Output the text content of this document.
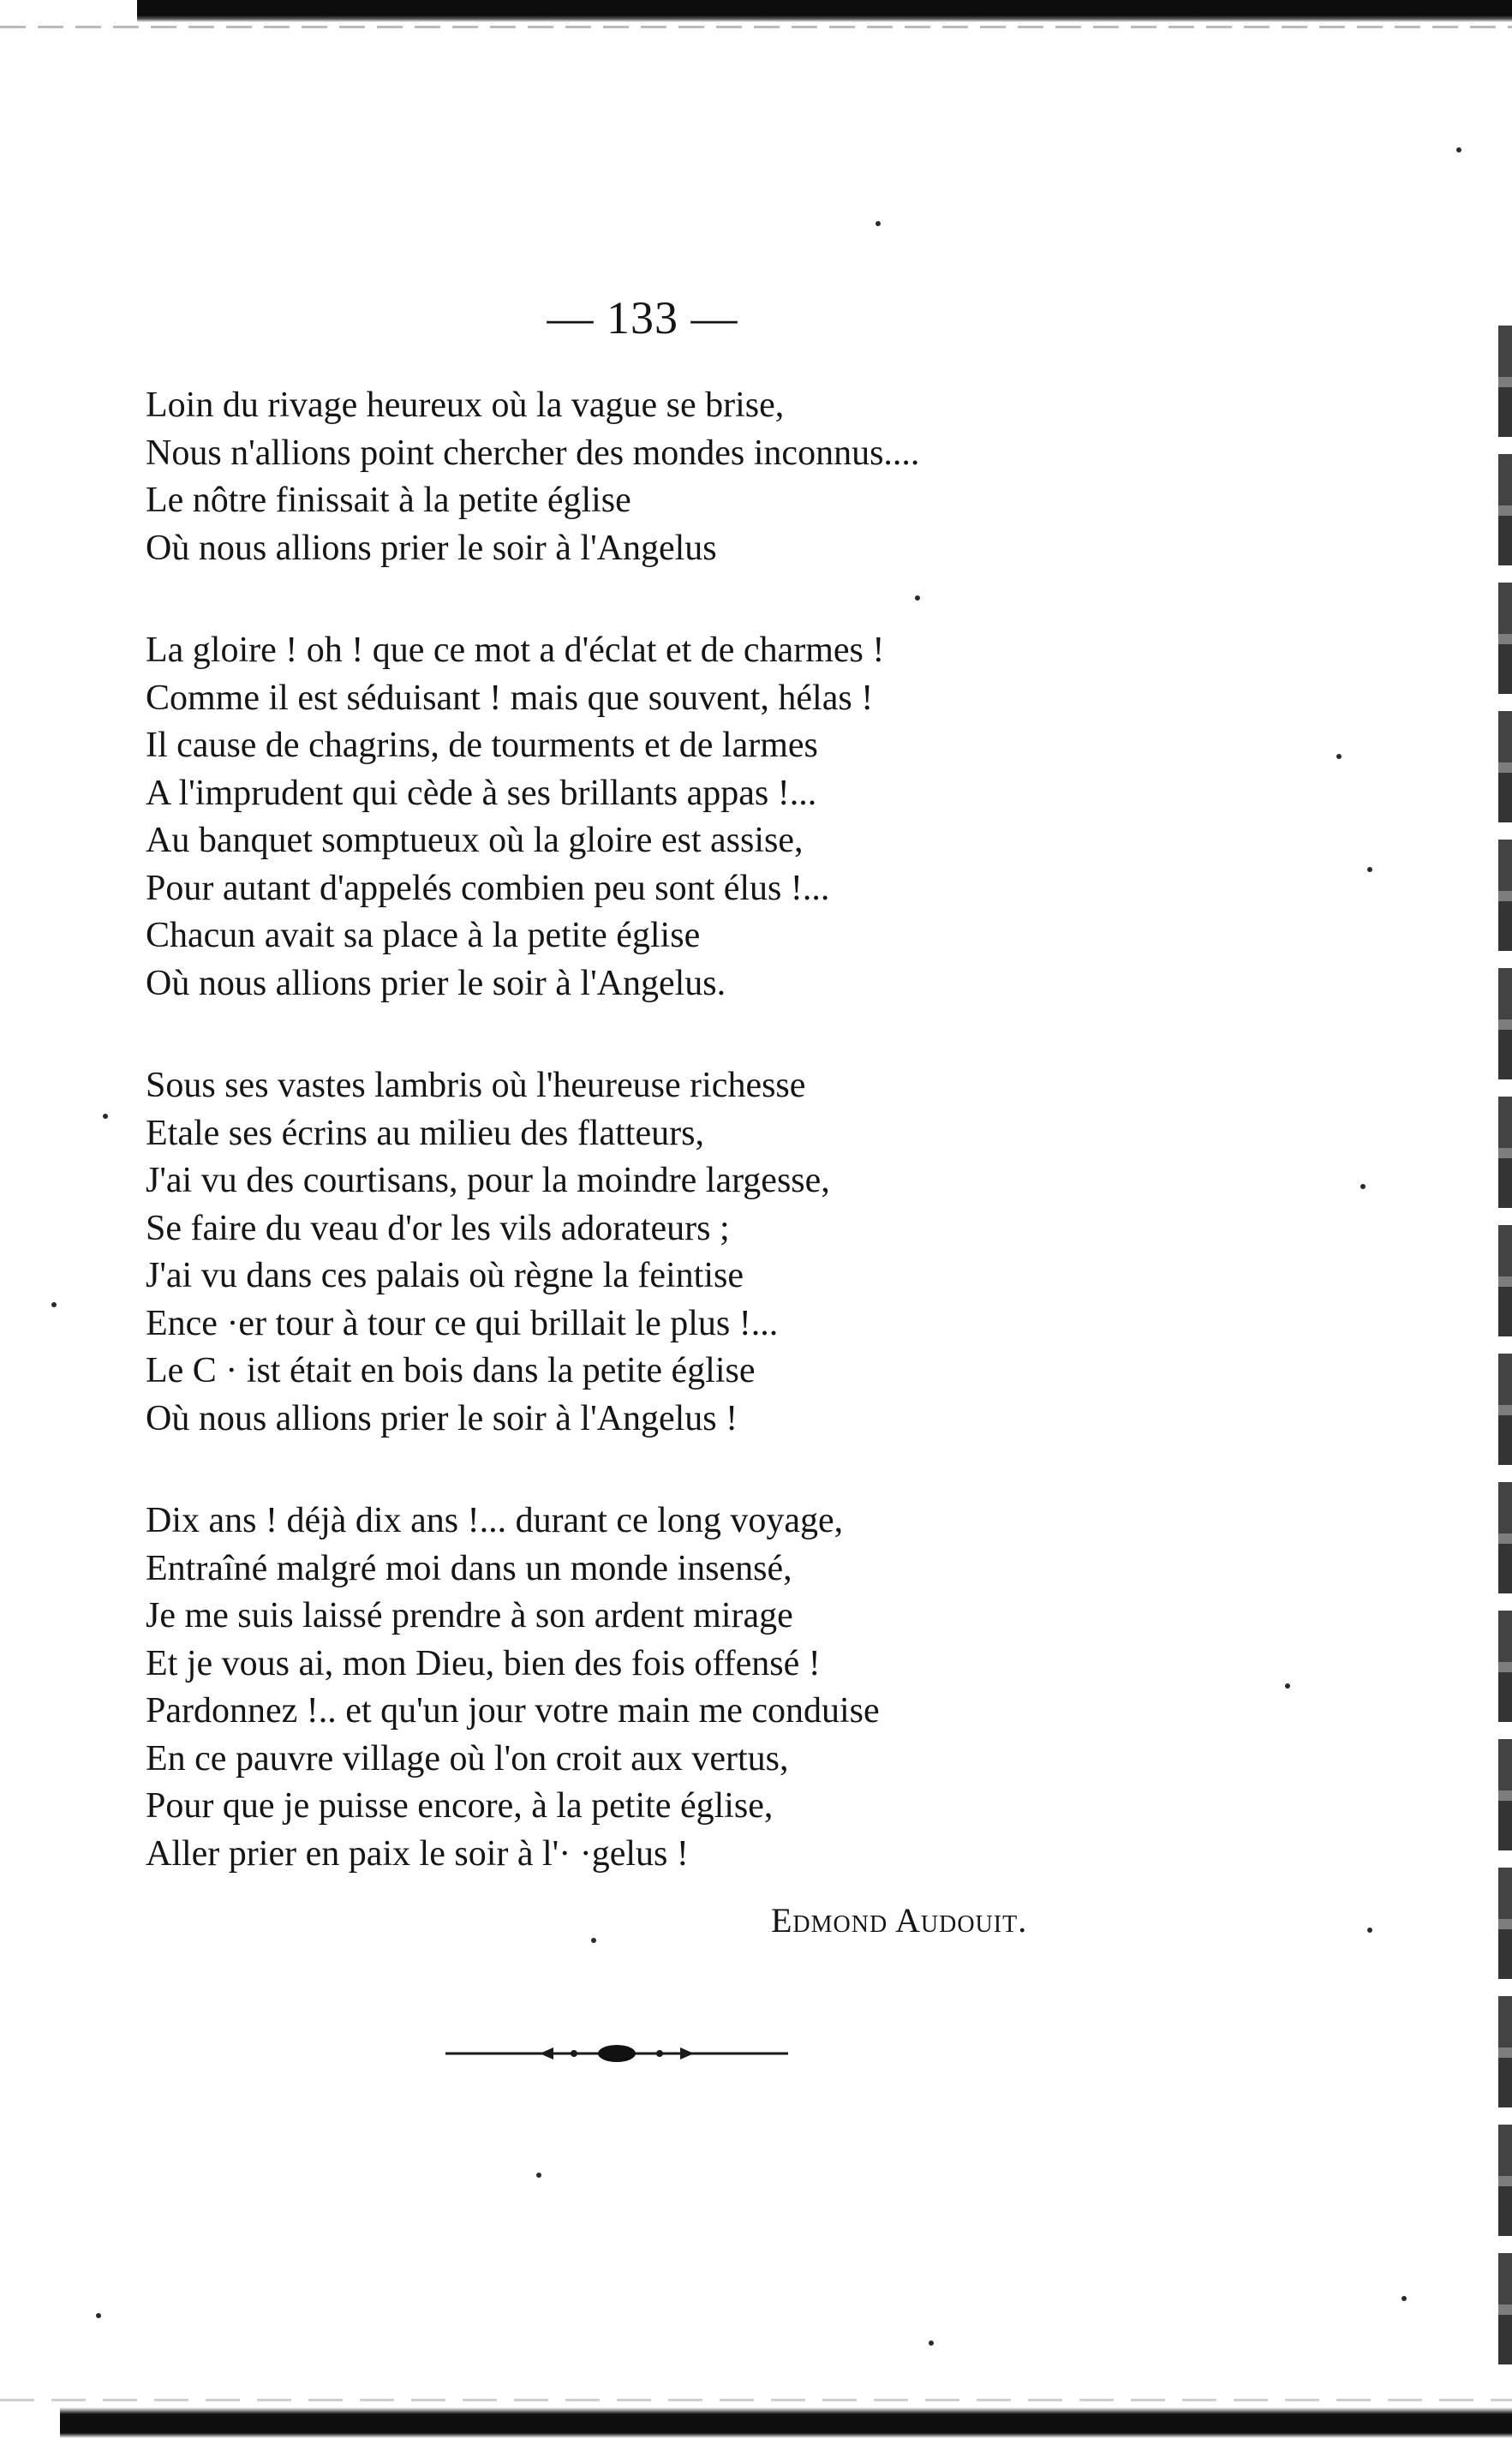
— 133 —
Loin du rivage heureux où la vague se brise,
Nous n'allions point chercher des mondes inconnus....
Le nôtre finissait à la petite église
Où nous allions prier le soir à l'Angelus
La gloire ! oh ! que ce mot a d'éclat et de charmes !
Comme il est séduisant ! mais que souvent, hélas !
Il cause de chagrins, de tourments et de larmes
A l'imprudent qui cède à ses brillants appas !...
Au banquet somptueux où la gloire est assise,
Pour autant d'appelés combien peu sont élus !...
Chacun avait sa place à la petite église
Où nous allions prier le soir à l'Angelus.
Sous ses vastes lambris où l'heureuse richesse
Etale ses écrins au milieu des flatteurs,
J'ai vu des courtisans, pour la moindre largesse,
Se faire du veau d'or les vils adorateurs ;
J'ai vu dans ces palais où règne la feintise
Ence ·er tour à tour ce qui brillait le plus !...
Le C · ist était en bois dans la petite église
Où nous allions prier le soir à l'Angelus !
Dix ans ! déjà dix ans !... durant ce long voyage,
Entraîné malgré moi dans un monde insensé,
Je me suis laissé prendre à son ardent mirage
Et je vous ai, mon Dieu, bien des fois offensé !
Pardonnez !.. et qu'un jour votre main me conduise
En ce pauvre village où l'on croit aux vertus,
Pour que je puisse encore, à la petite église,
Aller prier en paix le soir à l'· ·gelus !
Edmond Audouit.
